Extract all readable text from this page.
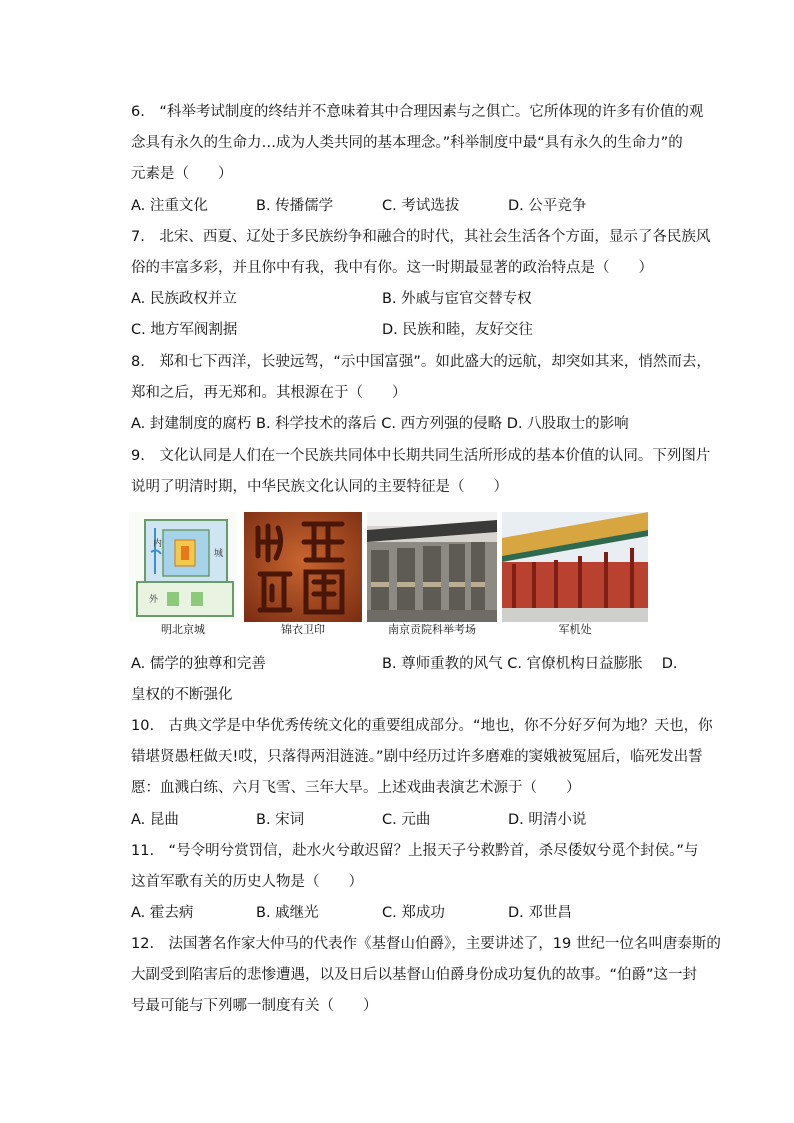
6.　“科举考试制度的终结并不意味着其中合理因素与之俱亡。它所体现的许多有价值的观
念具有永久的生命力…成为人类共同的基本理念。”科举制度中最“具有永久的生命力”的
元素是（　　）
A. 注重文化	B. 传播儒学	C. 考试选拔	D. 公平竞争
7.　北宋、西夏、辽处于多民族纷争和融合的时代，其社会生活各个方面，显示了各民族风
俗的丰富多彩，并且你中有我，我中有你。这一时期最显著的政治特点是（　　）
A. 民族政权并立	B. 外戚与宦官交替专权
C. 地方军阀割据	D. 民族和睦，友好交往
8.　郑和七下西洋，长驶远驾，“示中国富强”。如此盛大的远航，却突如其来，悄然而去，
郑和之后，再无郑和。其根源在于（　　）
A. 封建制度的腐朽 B. 科学技术的落后 C. 西方列强的侵略 D. 八股取士的影响
9.　文化认同是人们在一个民族共同体中长期共同生活所形成的基本价值的认同。下列图片
说明了明清时期，中华民族文化认同的主要特征是（　　）
内
城
外
明北京城	锦衣卫印	南京贡院科举考场	军机处
A. 儒学的独尊和完善	B. 尊师重教的风气 C. 官僚机构日益膨胀　 D.
皇权的不断强化
10.　古典文学是中华优秀传统文化的重要组成部分。“地也，你不分好歹何为地？天也，你
错堪贤愚枉做天!哎，只落得两泪涟涟。”剧中经历过许多磨难的窦娥被冤屈后，临死发出誓
愿：血溅白练、六月飞雪、三年大旱。上述戏曲表演艺术源于（　　）
A. 昆曲	B. 宋词	C. 元曲	D. 明清小说
11.　“号令明兮赏罚信，赴水火兮敢迟留？上报天子兮救黔首，杀尽倭奴兮觅个封侯。”与
这首军歌有关的历史人物是（　　）
A. 霍去病	B. 戚继光	C. 郑成功	D. 邓世昌
12.　法国著名作家大仲马的代表作《基督山伯爵》，主要讲述了，19 世纪一位名叫唐泰斯的
大副受到陷害后的悲惨遭遇，以及日后以基督山伯爵身份成功复仇的故事。“伯爵”这一封
号最可能与下列哪一制度有关（　　）
